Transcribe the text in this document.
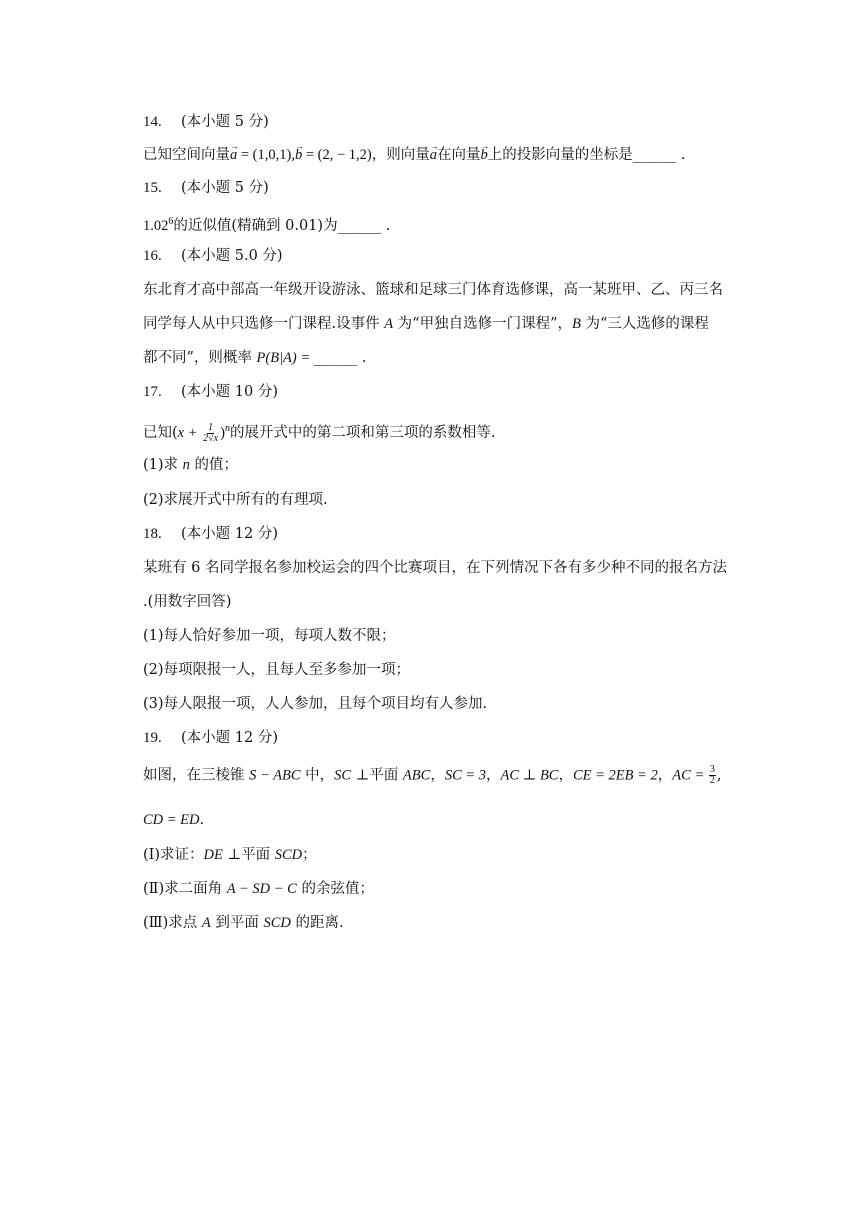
14. (本小题 5 分)
已知空间向量→ a = (1,0,1),→ b = (2, − 1,2)，则向量→ a在向量→ b上的投影向量的坐标是______ .
15. (本小题 5 分)
1.02$^6$的近似值(精确到 0.01)为______ .
16. (本小题 5.0 分)
东北育才高中部高一年级开设游泳、篮球和足球三门体育选修课，高一某班甲、乙、丙三名
同学每人从中只选修一门课程.设事件 A 为“甲独自选修一门课程”，B 为“三人选修的课程
都不同”，则概率 P(B|A) = ______ .
17. (本小题 10 分)
已知$(x + \frac{1}{2√x} )^n$的展开式中的第二项和第三项的系数相等.
(1)求 n 的值；
(2)求展开式中所有的有理项.
18. (本小题 12 分)
某班有 6 名同学报名参加校运会的四个比赛项目，在下列情况下各有多少种不同的报名方法
.(用数字回答)
(1)每人恰好参加一项，每项人数不限；
(2)每项限报一人，且每人至多参加一项；
(3)每人限报一项，人人参加，且每个项目均有人参加.
19. (本小题 12 分)
如图，在三棱锥 S − ABC 中，SC ⊥平面 ABC，SC = 3，AC ⊥ BC，CE = 2EB = 2，AC = $\frac{3}{2}$ ,
CD = ED.
(Ⅰ)求证：DE ⊥平面 SCD；
(Ⅱ)求二面角 A − SD − C 的余弦值；
(Ⅲ)求点 A 到平面 SCD 的距离.
